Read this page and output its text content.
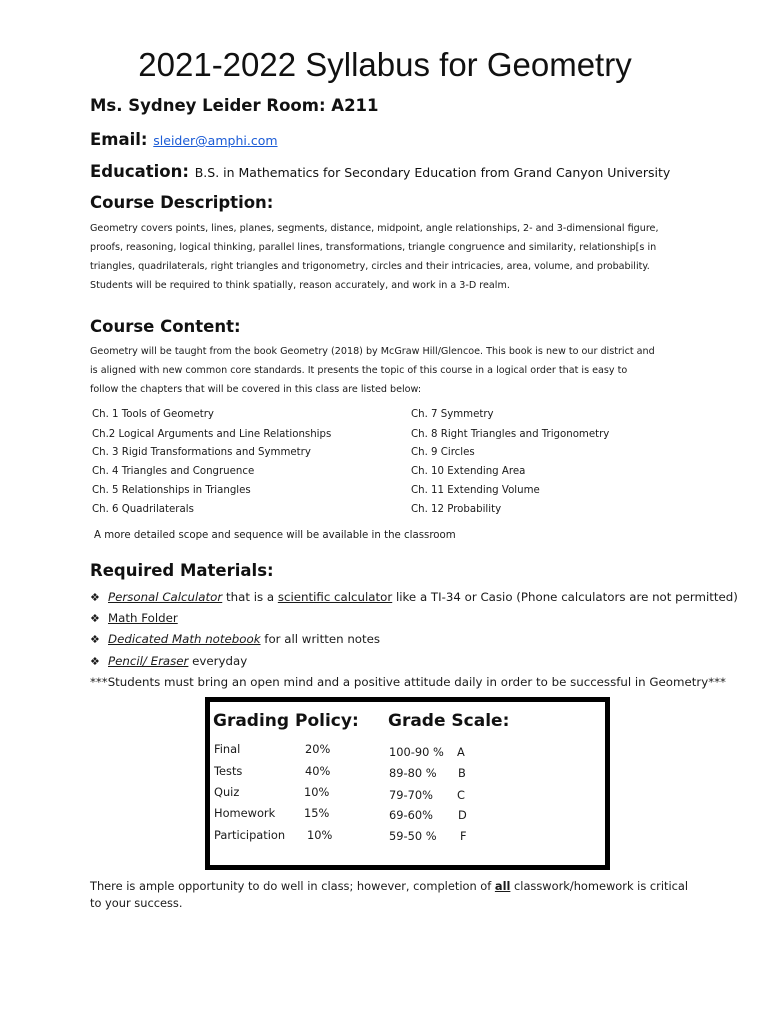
2021-2022 Syllabus for Geometry
Ms. Sydney Leider Room: A211
Email: sleider@amphi.com
Education: B.S. in Mathematics for Secondary Education from Grand Canyon University
Course Description:
Geometry covers points, lines, planes, segments, distance, midpoint, angle relationships, 2- and 3-dimensional figure,
proofs, reasoning, logical thinking, parallel lines, transformations, triangle congruence and similarity, relationship[s in
triangles, quadrilaterals, right triangles and trigonometry, circles and their intricacies, area, volume, and probability.
Students will be required to think spatially, reason accurately, and work in a 3-D realm.
Course Content:
Geometry will be taught from the book Geometry (2018) by McGraw Hill/Glencoe. This book is new to our district and
is aligned with new common core standards. It presents the topic of this course in a logical order that is easy to
follow the chapters that will be covered in this class are listed below:
Ch. 1 Tools of Geometry
Ch.2 Logical Arguments and Line Relationships
Ch. 3 Rigid Transformations and Symmetry
Ch. 4 Triangles and Congruence
Ch. 5 Relationships in Triangles
Ch. 6 Quadrilaterals
Ch. 7 Symmetry
Ch. 8 Right Triangles and Trigonometry
Ch. 9 Circles
Ch. 10 Extending Area
Ch. 11 Extending Volume
Ch. 12 Probability
A more detailed scope and sequence will be available in the classroom
Required Materials:
❖ Personal Calculator that is a scientific calculator like a TI-34 or Casio (Phone calculators are not permitted)
❖ Math Folder
❖ Dedicated Math notebook for all written notes
❖ Pencil/ Eraser everyday
***Students must bring an open mind and a positive attitude daily in order to be successful in Geometry***
Grading Policy: Grade Scale:
Final	20%
Tests	40%
Quiz	10%
Homework	15%
Participation 10%
100-90 % A
89-80 % B
79-70% C
69-60% D
59-50 % F
There is ample opportunity to do well in class; however, completion of all classwork/homework is critical to your success.
